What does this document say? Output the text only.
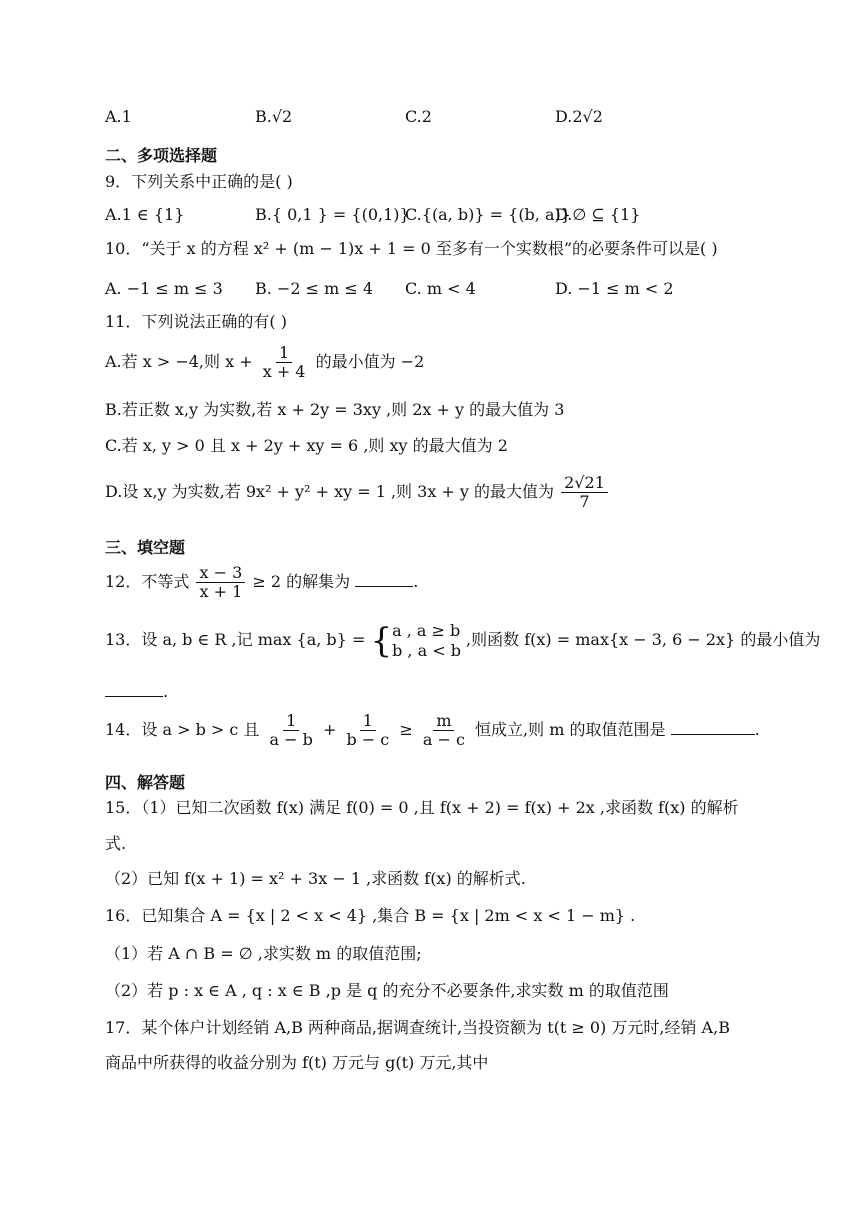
A.1	B.√2	C.2	D.2√2
二、多项选择题
9．下列关系中正确的是( )
A.1 ∈ {1}	B.{ 0,1 } = {(0,1)}
C.{(a, b)} = {(b, a)}
D.∅ ⊆ {1}
10．“关于 x 的方程 x² + (m − 1)x + 1 = 0 至多有一个实数根”的必要条件可以是( )
A. −1 ≤ m ≤ 3 B. −2 ≤ m ≤ 4 C. m < 4	D. −1 ≤ m < 2
11．下列说法正确的有( )
A.若 x > −4,则 $x + \frac{1}{x + 4}$ 的最小值为 −2
B.若正数 x,y 为实数,若 x + 2y = 3xy ,则 2x + y 的最大值为 3
C.若 x, y > 0 且 x + 2y + xy = 6 ,则 xy 的最大值为 2
D.设 x,y 为实数,若 9x² + y² + xy = 1 ,则 3x + y 的最大值为 $\frac{2√21}{7}$
三、填空题
12．不等式 $\frac{x - 3}{x + 1} \ge 2$ 的解集为	.
13．设 a, b ∈ R ,记 max {a, b} = { a , a ≥ b
b , a < b
,则函数 f(x) = max{x − 3, 6 − 2x} 的最小值为
.
14．设 a > b > c 且 $\frac{1}{a - b} + \frac{1}{b - c} \ge \frac{m}{a - c}$ 恒成立,则 m 的取值范围是	.
四、解答题
15．（1）已知二次函数 f(x) 满足 f(0) = 0 ,且 f(x + 2) = f(x) + 2x ,求函数 f(x) 的解析
式.
（2）已知 f(x + 1) = x² + 3x − 1 ,求函数 f(x) 的解析式.
16．已知集合 A = {x | 2 < x < 4} ,集合 B = {x | 2m < x < 1 − m} .
（1）若 A ∩ B = ∅ ,求实数 m 的取值范围;
（2）若 p : x ∈ A , q : x ∈ B ,p 是 q 的充分不必要条件,求实数 m 的取值范围
17．某个体户计划经销 A,B 两种商品,据调查统计,当投资额为 t(t ≥ 0) 万元时,经销 A,B
商品中所获得的收益分别为 f(t) 万元与 g(t) 万元,其中
